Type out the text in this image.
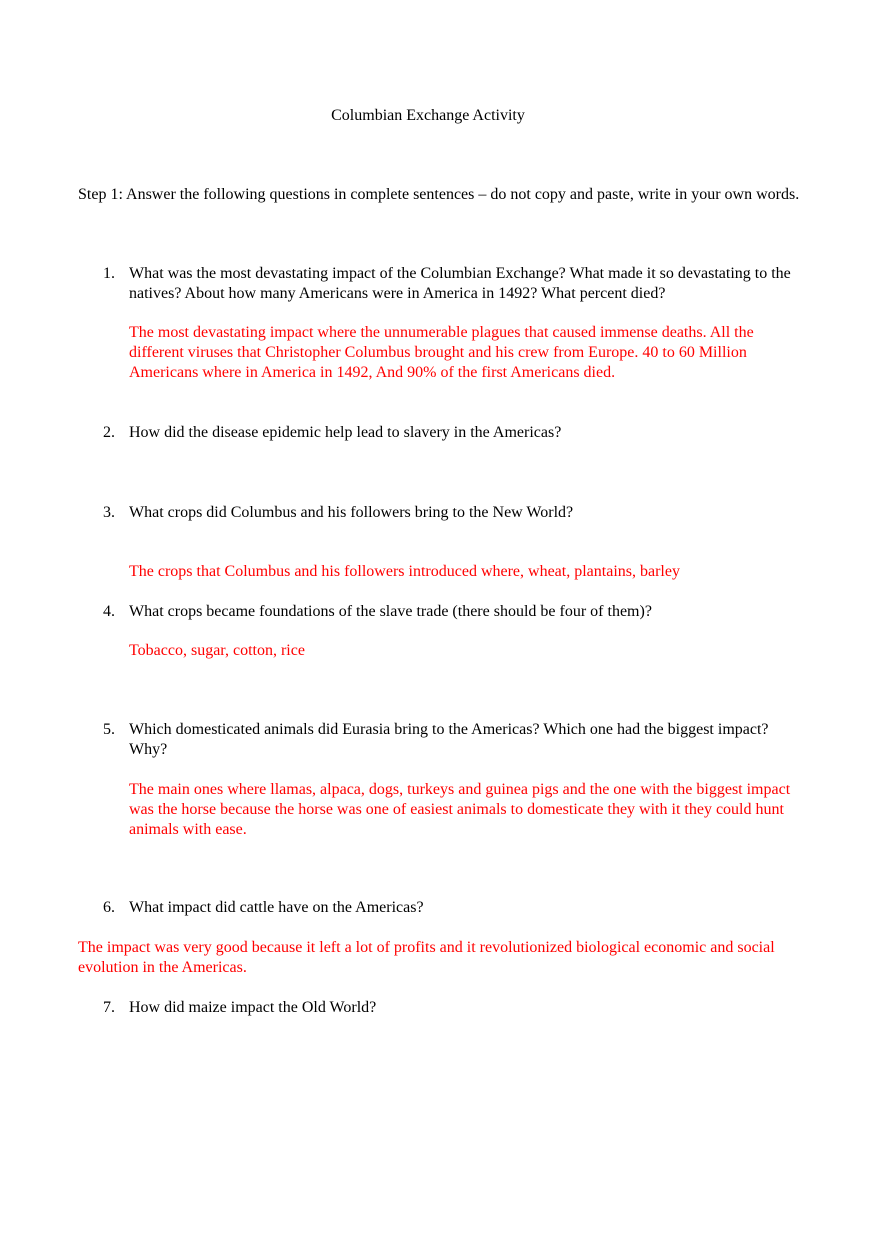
Columbian Exchange Activity

Step 1: Answer the following questions in complete sentences – do not copy and paste, write in your own words.

1. What was the most devastating impact of the Columbian Exchange? What made it so devastating to the natives? About how many Americans were in America in 1492? What percent died?

The most devastating impact where the unnumerable plagues that caused immense deaths. All the different viruses that Christopher Columbus brought and his crew from Europe. 40 to 60 Million Americans where in America in 1492, And 90% of the first Americans died.

2. How did the disease epidemic help lead to slavery in the Americas?
3. What crops did Columbus and his followers bring to the New World?

The crops that Columbus and his followers introduced where, wheat, plantains, barley

4. What crops became foundations of the slave trade (there should be four of them)?

Tobacco, sugar, cotton, rice

5. Which domesticated animals did Eurasia bring to the Americas? Which one had the biggest impact? Why?

The main ones where llamas, alpaca, dogs, turkeys and guinea pigs and the one with the biggest impact was the horse because the horse was one of easiest animals to domesticate they with it they could hunt animals with ease.

6. What impact did cattle have on the Americas?

The impact was very good because it left a lot of profits and it revolutionized biological economic and social evolution in the Americas.

7. How did maize impact the Old World?
